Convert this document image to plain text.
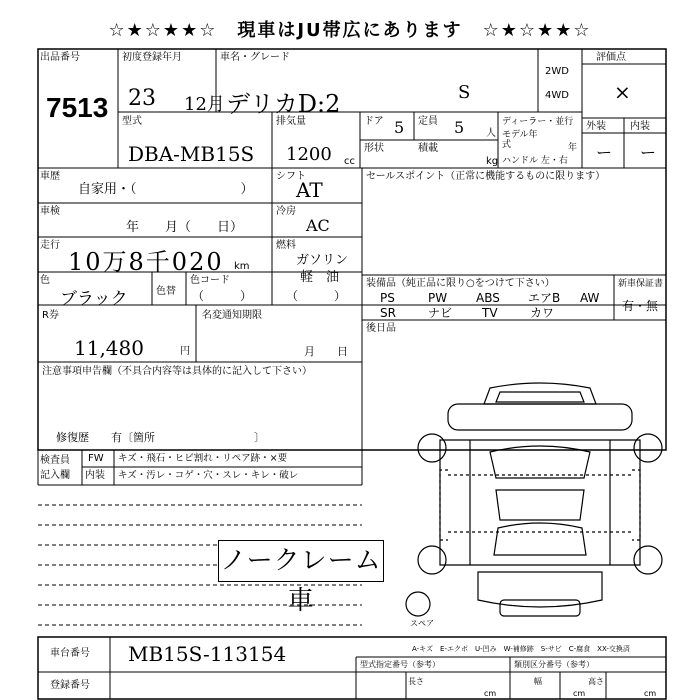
☆★☆★★☆　現車はJU帯広にあります　☆★☆★★☆
出品番号
7513
初度登録年月
23 12月
車名・グレード
デリカD:2	S
2WD
4WD
評価点
×
型式
DBA-MB15S
排気量
1200 cc
ドア 5 定員 5 人
形状	積載
kg
ディーラー・並行
モデル年式	年
ハンドル 左・右
外装
ー
内装
ー
車歴
自家用・（　　　　　　　　）
シフト
AT
セールスポイント（正常に機能するものに限ります）
車検
年　　月（　　日）
冷房
AC
走行
10万8千020 km
燃料
ガソリン
軽　油
（　　　）
色
ブラック	色替
色コード
（　　　）
装備品（純正品に限り○をつけて下さい）
PS	PW ABS エアB AW
SR	ナビ TV	カワ
新車保証書
有・無
R券
11,480	円
名変通知期限
月　　日
後日品
注意事項申告欄（不具合内容等は具体的に記入して下さい）
修復歴　　有〔箇所　　　　　　　　　〕
検査員
記入欄
FW キズ・飛石・ヒビ割れ・リペア跡・×要
内装 キズ・汚レ・コゲ・穴・スレ・キレ・破レ
ノークレーム車
スペア
A-キズ　E-エクボ　U-凹み　W-補修跡　S-サビ　C-腐食　XX-交換済
車台番号 MB15S-113154
登録番号
型式指定番号（参考）	類別区分番号（参考）
長さ
cm
幅
cm
高さ
cm
